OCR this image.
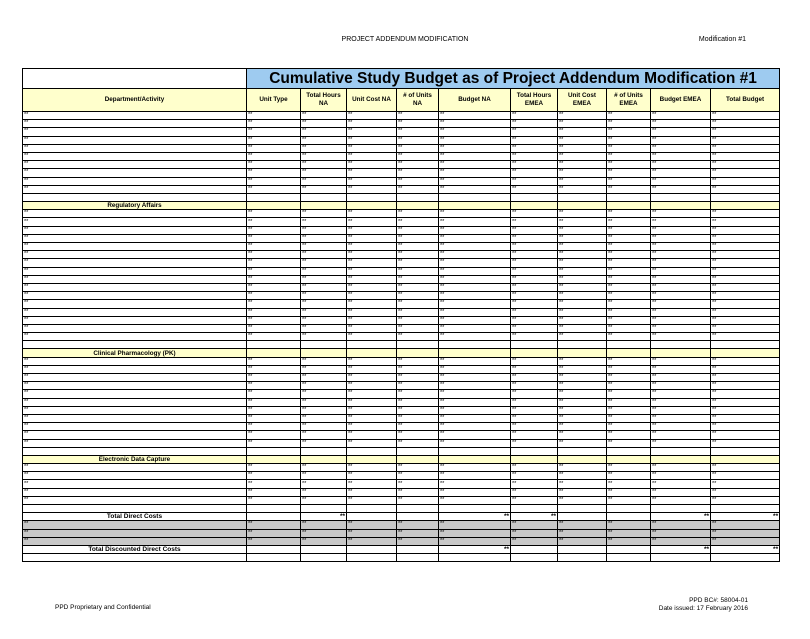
PROJECT ADDENDUM MODIFICATION	Modification #1
	Cumulative Study Budget as of Project Addendum Modification #1									
Department/Activity	Unit Type	Total Hours NA	Unit Cost NA	# of Units NA	Budget NA	Total Hours EMEA	Unit Cost EMEA	# of Units EMEA	Budget EMEA	Total Budget
**	**	**	**	**	**	**	**	**	**	**
**	**	**	**	**	**	**	**	**	**	**
**	**	**	**	**	**	**	**	**	**	**
**	**	**	**	**	**	**	**	**	**	**
**	**	**	**	**	**	**	**	**	**	**
**	**	**	**	**	**	**	**	**	**	**
**	**	**	**	**	**	**	**	**	**	**
**	**	**	**	**	**	**	**	**	**	**
**	**	**	**	**	**	**	**	**	**	**
**	**	**	**	**	**	**	**	**	**	**

Regulatory Affairs										
**	**	**	**	**	**	**	**	**	**	**
**	**	**	**	**	**	**	**	**	**	**
**	**	**	**	**	**	**	**	**	**	**
**	**	**	**	**	**	**	**	**	**	**
**	**	**	**	**	**	**	**	**	**	**
**	**	**	**	**	**	**	**	**	**	**
**	**	**	**	**	**	**	**	**	**	**
**	**	**	**	**	**	**	**	**	**	**
**	**	**	**	**	**	**	**	**	**	**
**	**	**	**	**	**	**	**	**	**	**
**	**	**	**	**	**	**	**	**	**	**
**	**	**	**	**	**	**	**	**	**	**
**	**	**	**	**	**	**	**	**	**	**
**	**	**	**	**	**	**	**	**	**	**
**	**	**	**	**	**	**	**	**	**	**
**	**	**	**	**	**	**	**	**	**	**

Clinical Pharmacology (PK)										
**	**	**	**	**	**	**	**	**	**	**
**	**	**	**	**	**	**	**	**	**	**
**	**	**	**	**	**	**	**	**	**	**
**	**	**	**	**	**	**	**	**	**	**
**	**	**	**	**	**	**	**	**	**	**
**	**	**	**	**	**	**	**	**	**	**
**	**	**	**	**	**	**	**	**	**	**
**	**	**	**	**	**	**	**	**	**	**
**	**	**	**	**	**	**	**	**	**	**
**	**	**	**	**	**	**	**	**	**	**
**	**	**	**	**	**	**	**	**	**	**

Electronic Data Capture										
**	**	**	**	**	**	**	**	**	**	**
**	**	**	**	**	**	**	**	**	**	**
**	**	**	**	**	**	**	**	**	**	**
**	**	**	**	**	**	**	**	**	**	**
**	**	**	**	**	**	**	**	**	**	**

Total Direct Costs		**			**	**			**	**
**	**	**	**	**	**	**	**	**	**	**
**	**	**	**	**	**	**	**	**	**	**
**	**	**	**	**	**	**	**	**	**	**
Total Discounted Direct Costs					**				**	**

PPD Proprietary and Confidential
PPD BC#: 58004-01
Date issued: 17 February 2016
